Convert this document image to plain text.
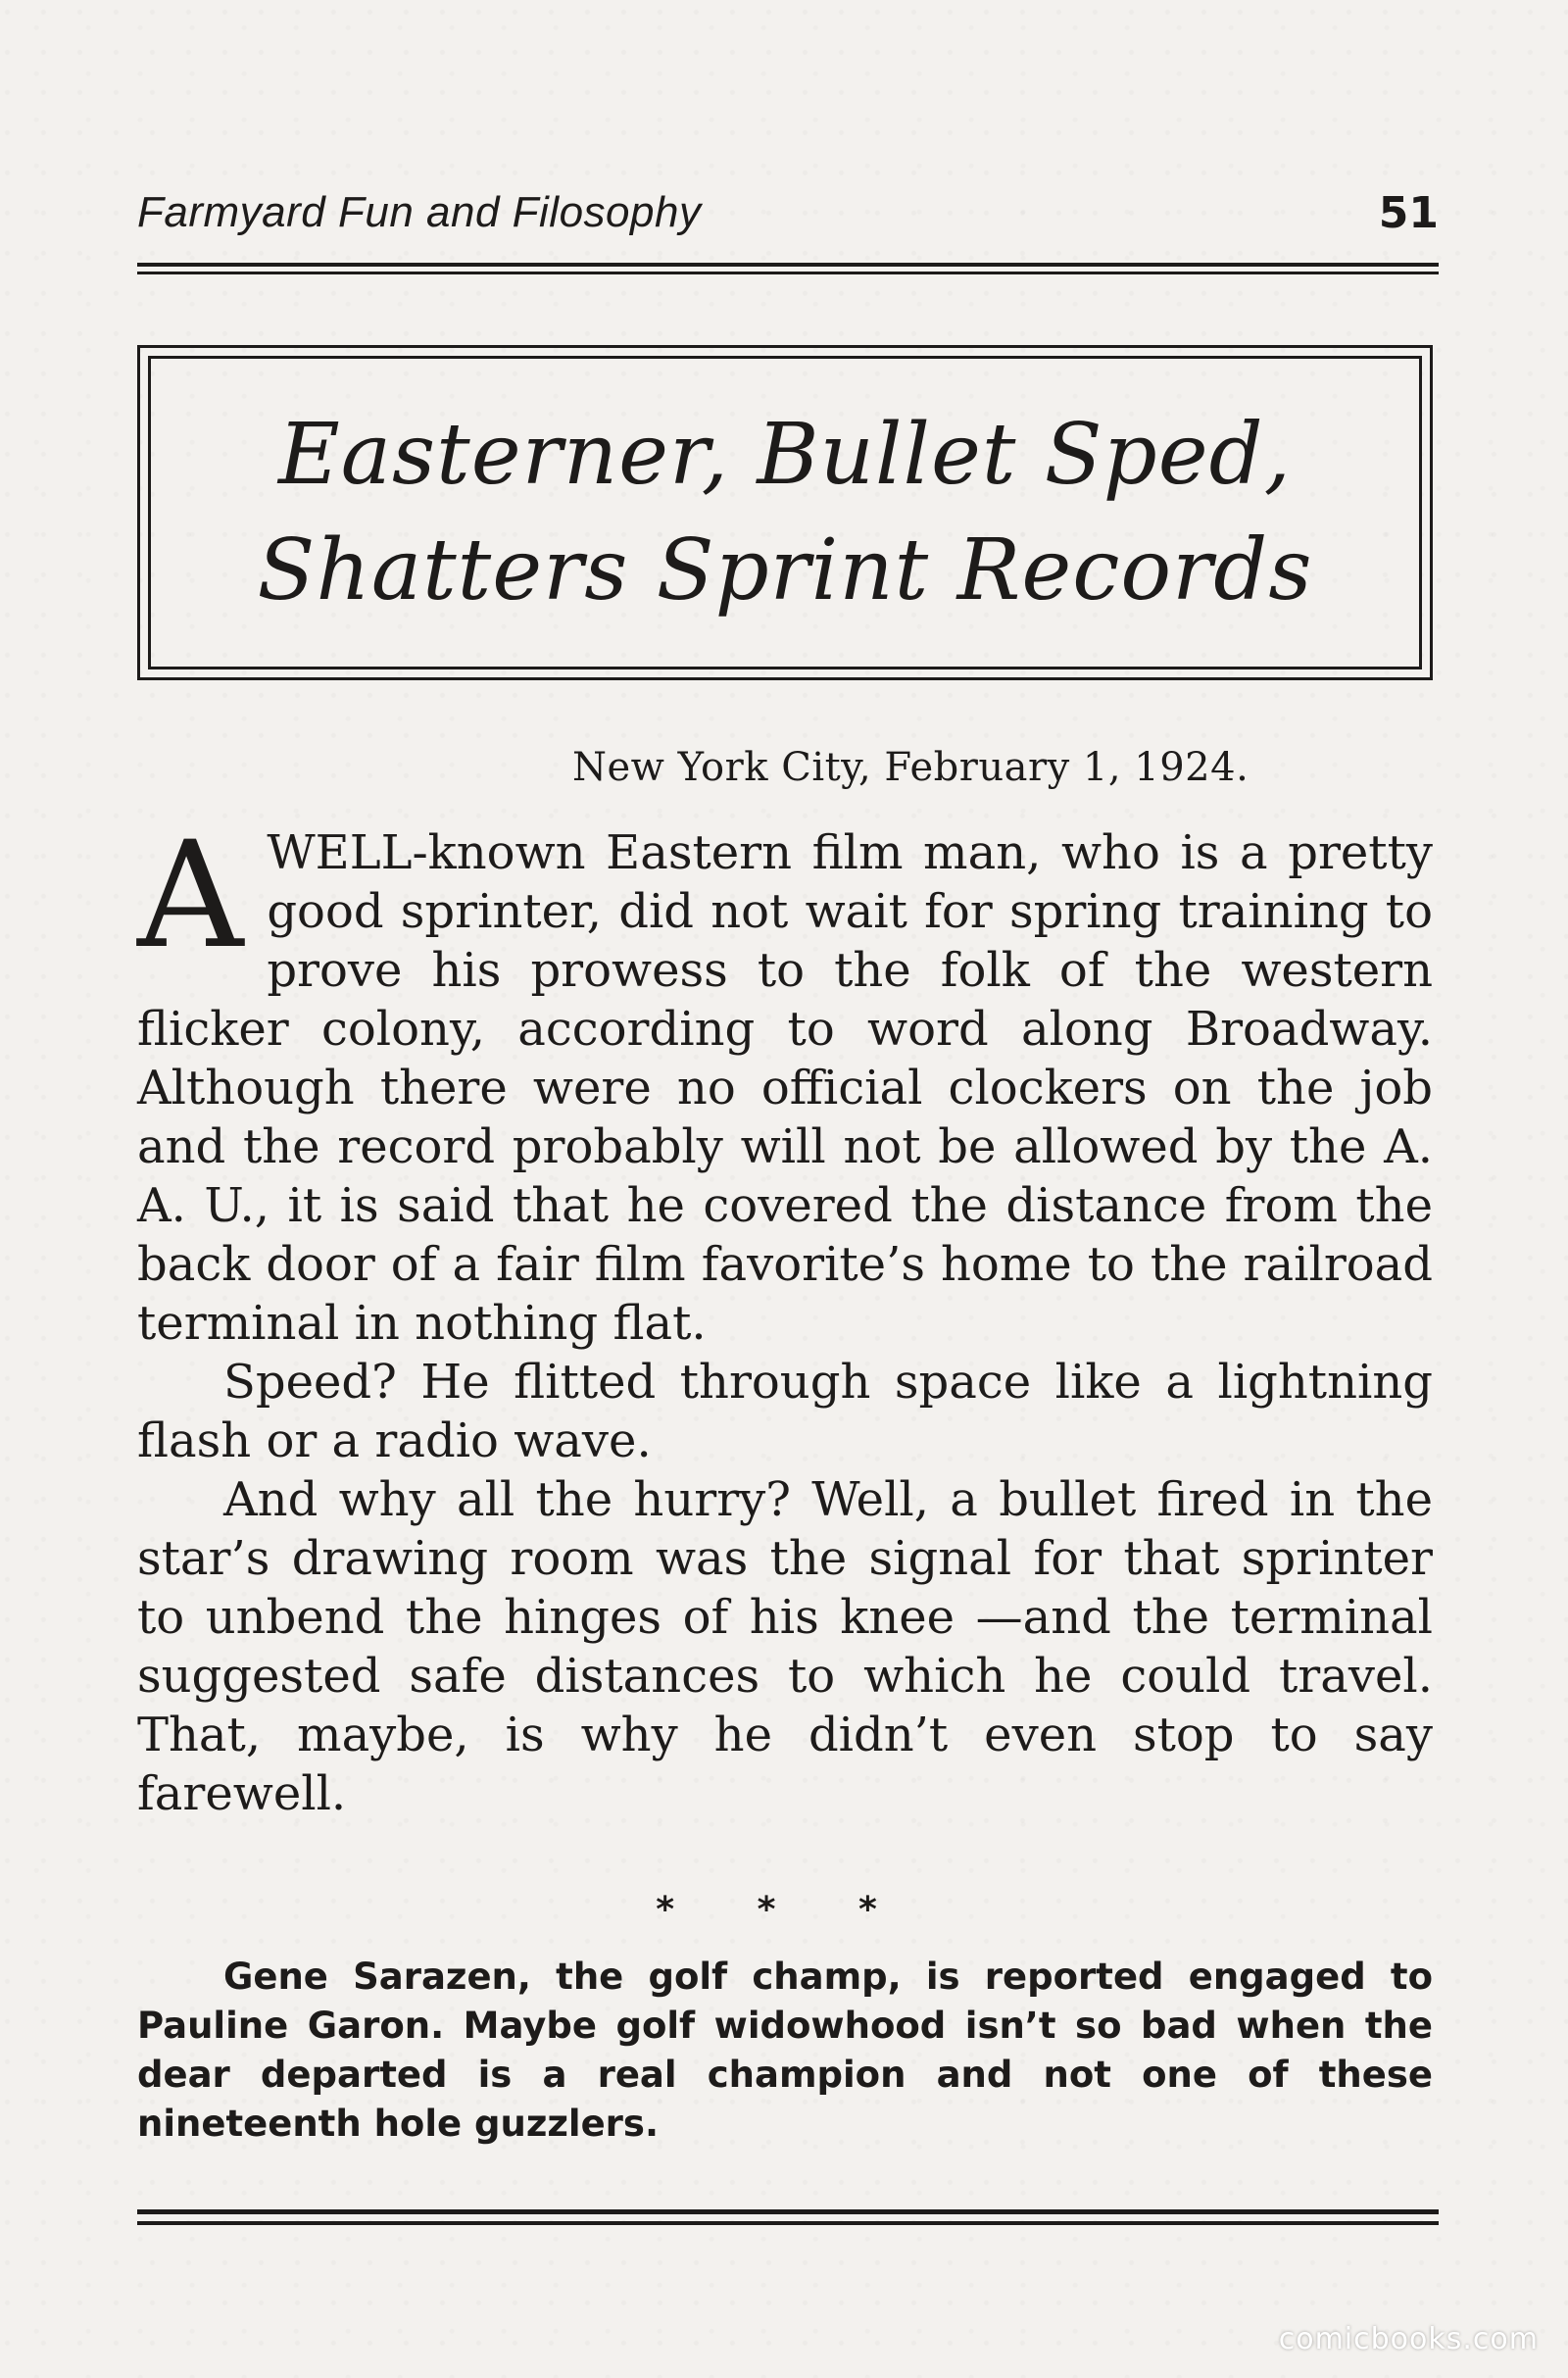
Farmyard Fun and Filosophy	51
Easterner, Bullet Sped,
Shatters Sprint Records
New York City, February 1, 1924.

AWELL-known Eastern film man, who is a pretty good sprinter, did not wait for spring training to prove his prowess to the folk of the western flicker colony, according to word along Broadway. Although there were no official clockers on the job and the record probably will not be allowed by the A. A. U., it is said that he covered the distance from the back door of a fair film favorite’s home to the railroad terminal in nothing flat.

Speed? He flitted through space like a lightning flash or a radio wave.

And why all the hurry? Well, a bullet fired in the star’s drawing room was the signal for that sprinter to unbend the hinges of his knee —and the terminal suggested safe distances to which he could travel. That, maybe, is why he didn’t even stop to say farewell.

* * *
Gene Sarazen, the golf champ, is reported engaged to Pauline Garon. Maybe golf widowhood isn’t so bad when the dear departed is a real champion and not one of these nineteenth hole guzzlers.
comicbooks.com
